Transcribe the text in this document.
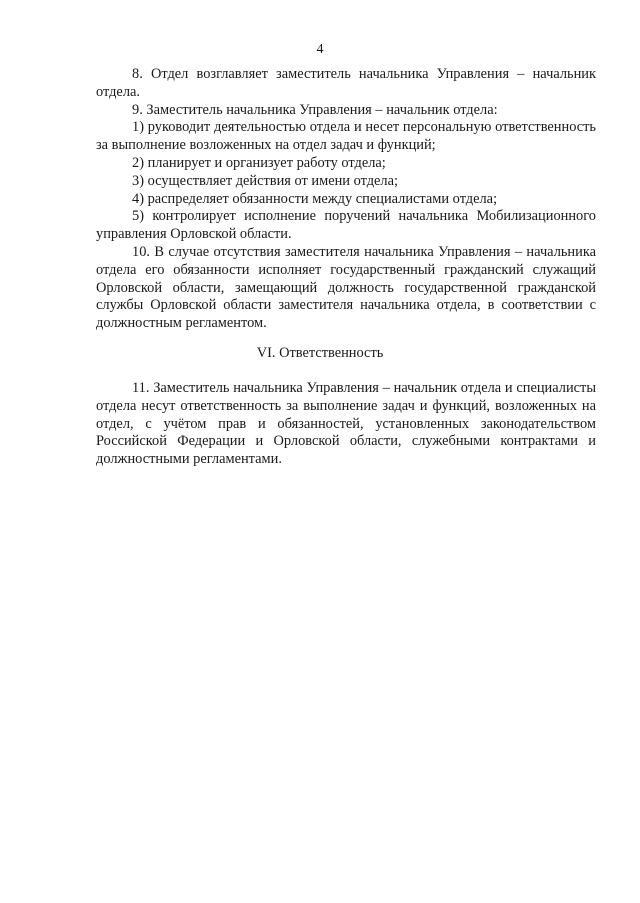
4

8. Отдел возглавляет заместитель начальника Управления – начальник отдела.

9. Заместитель начальника Управления – начальник отдела:

1) руководит деятельностью отдела и несет персональную ответственность за выполнение возложенных на отдел задач и функций;

2) планирует и организует работу отдела;

3) осуществляет действия от имени отдела;

4) распределяет обязанности между специалистами отдела;

5) контролирует исполнение поручений начальника Мобилизационного управления Орловской области.

10. В случае отсутствия заместителя начальника Управления – начальника отдела его обязанности исполняет государственный гражданский служащий Орловской области, замещающий должность государственной гражданской службы Орловской области заместителя начальника отдела, в соответствии с должностным регламентом.

VI. Ответственность

11. Заместитель начальника Управления – начальник отдела и специалисты отдела несут ответственность за выполнение задач и функций, возложенных на отдел, с учётом прав и обязанностей, установленных законодательством Российской Федерации и Орловской области, служебными контрактами и должностными регламентами.
